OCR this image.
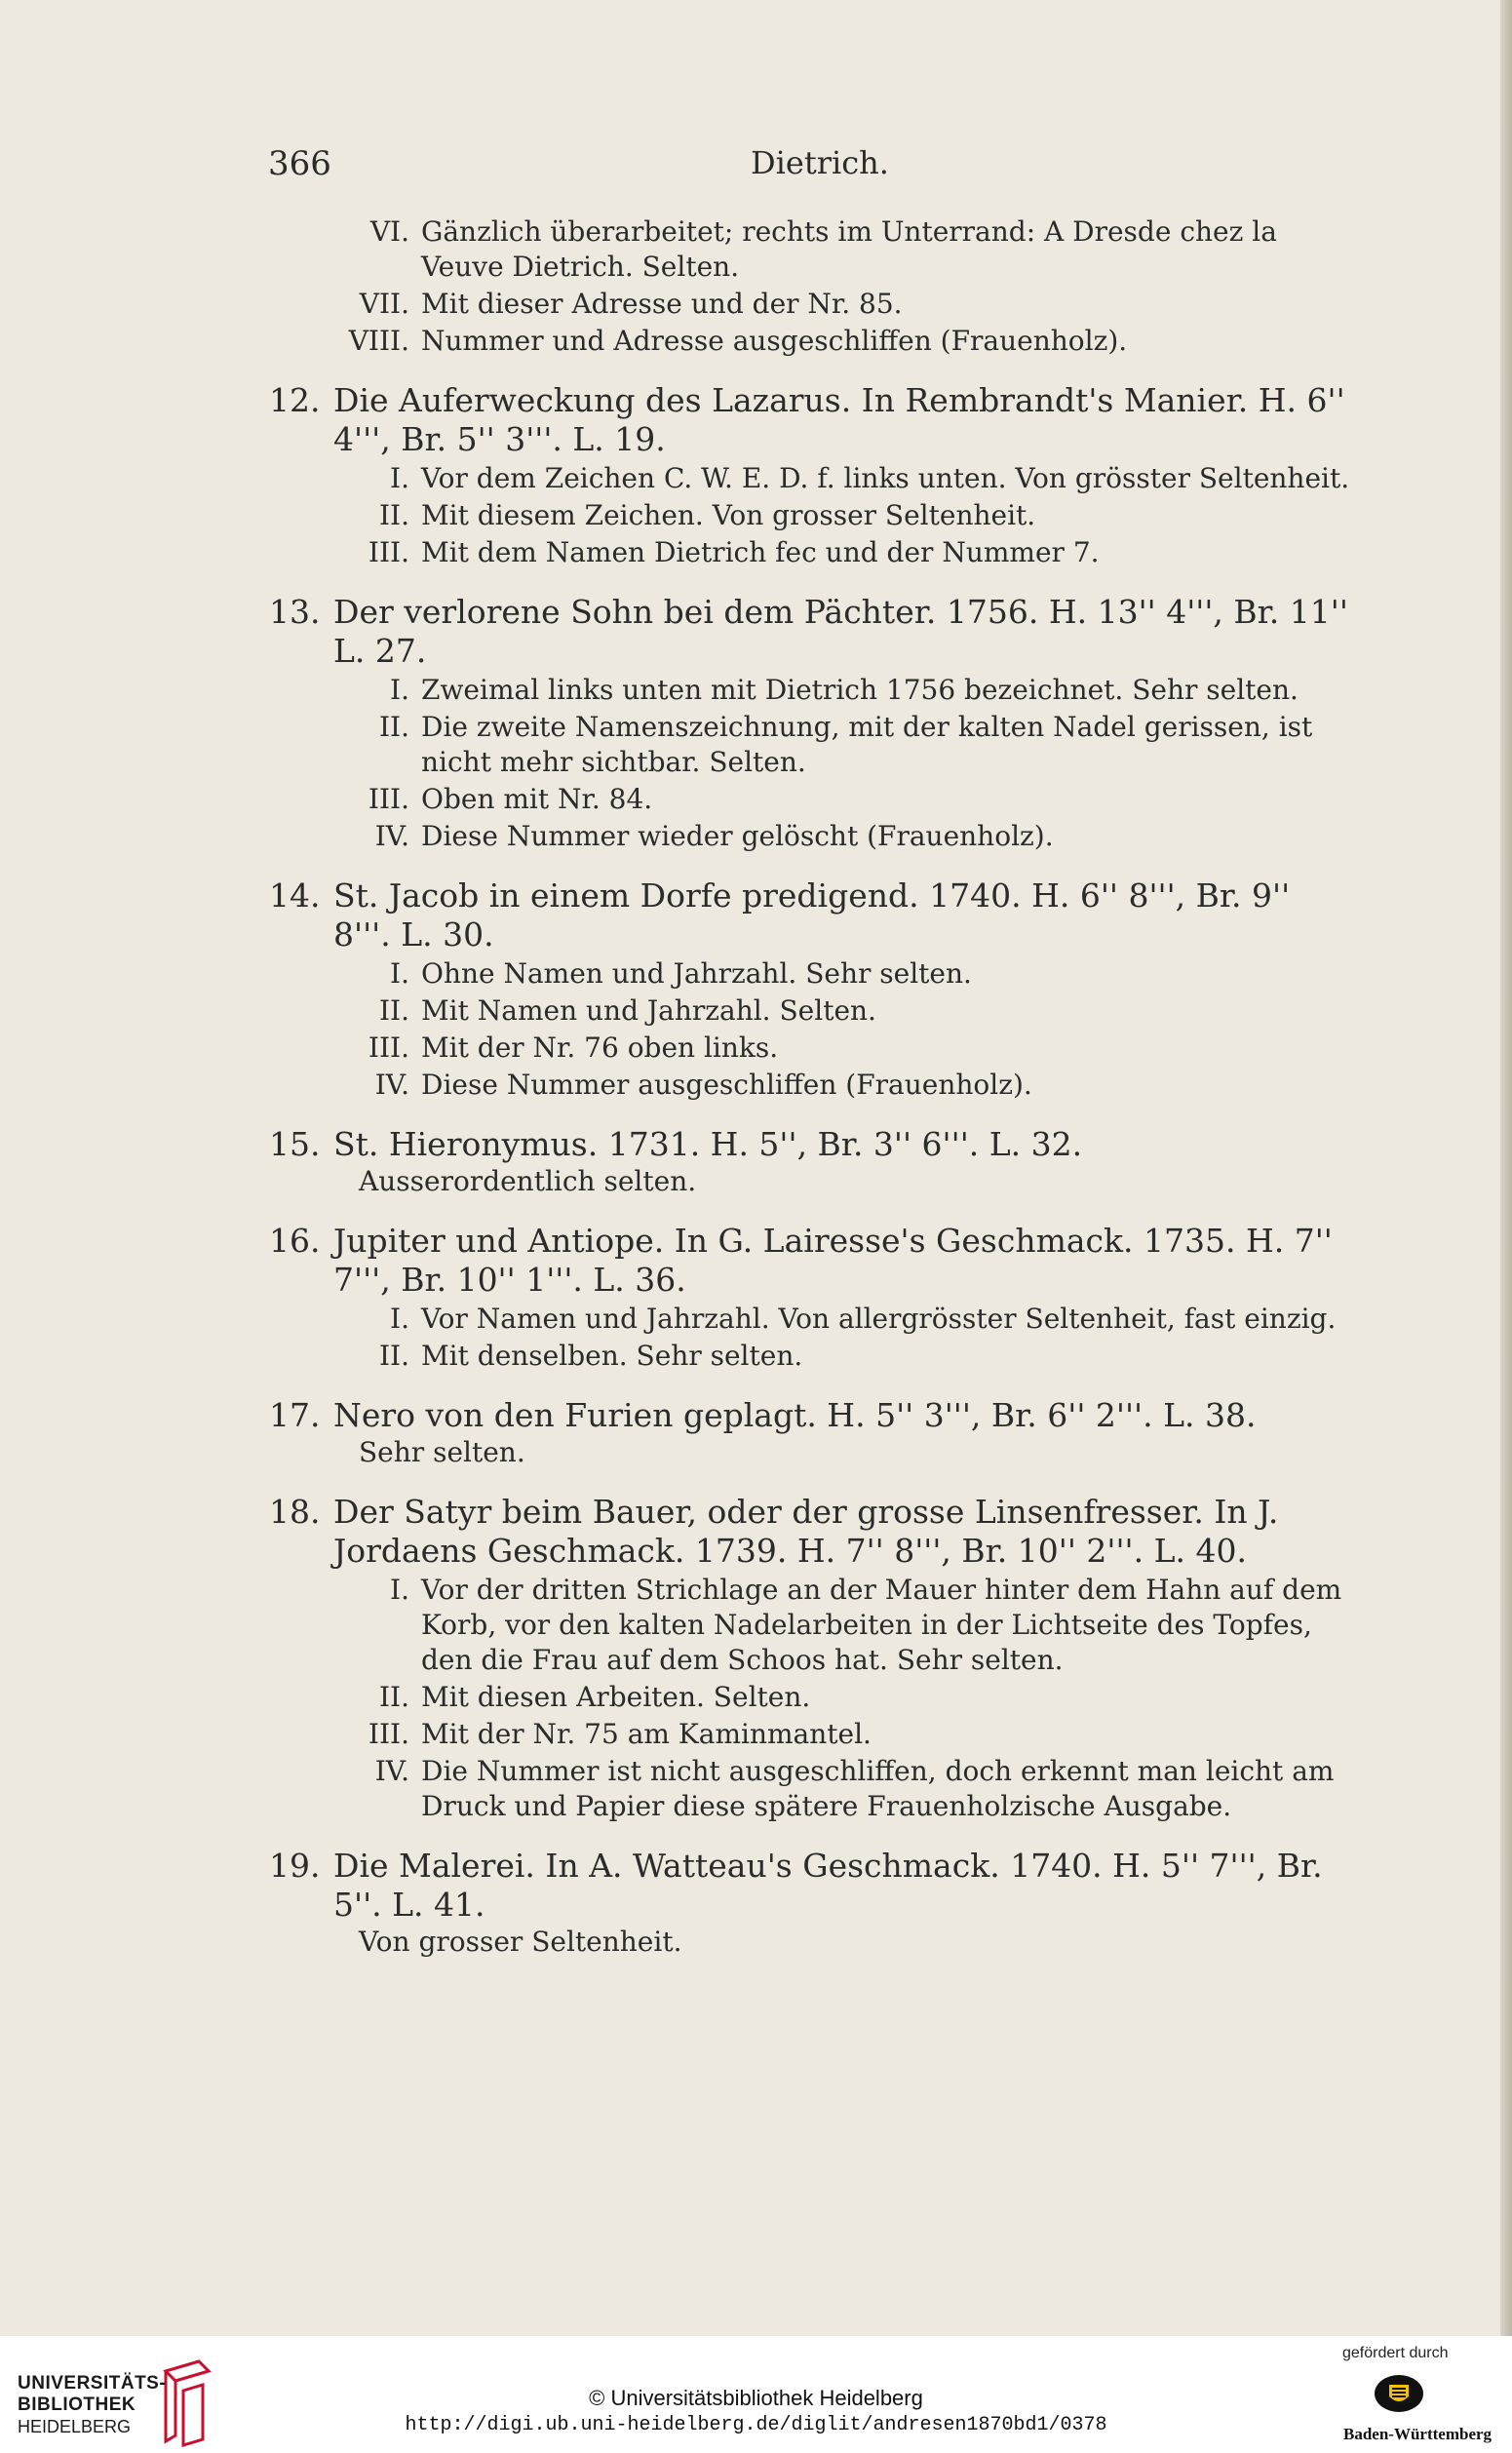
366	Dietrich.
VI. Gänzlich überarbeitet; rechts im Unterrand: A Dresde chez la Veuve Dietrich. Selten.
VII. Mit dieser Adresse und der Nr. 85.
VIII. Nummer und Adresse ausgeschliffen (Frauenholz).
12. Die Auferweckung des Lazarus. In Rembrandt's Manier. H. 6'' 4''', Br. 5'' 3'''. L. 19.
I. Vor dem Zeichen C. W. E. D. f. links unten. Von grösster Seltenheit.
II. Mit diesem Zeichen. Von grosser Seltenheit.
III. Mit dem Namen Dietrich fec und der Nummer 7.
13. Der verlorene Sohn bei dem Pächter. 1756. H. 13'' 4''', Br. 11'' L. 27.
I. Zweimal links unten mit Dietrich 1756 bezeichnet. Sehr selten.
II. Die zweite Namenszeichnung, mit der kalten Nadel gerissen, ist nicht mehr sichtbar. Selten.
III. Oben mit Nr. 84.
IV. Diese Nummer wieder gelöscht (Frauenholz).
14. St. Jacob in einem Dorfe predigend. 1740. H. 6'' 8''', Br. 9'' 8'''. L. 30.
I. Ohne Namen und Jahrzahl. Sehr selten.
II. Mit Namen und Jahrzahl. Selten.
III. Mit der Nr. 76 oben links.
IV. Diese Nummer ausgeschliffen (Frauenholz).
15. St. Hieronymus. 1731. H. 5'', Br. 3'' 6'''. L. 32.
Ausserordentlich selten.
16. Jupiter und Antiope. In G. Lairesse's Geschmack. 1735. H. 7'' 7''', Br. 10'' 1'''. L. 36.
I. Vor Namen und Jahrzahl. Von allergrösster Seltenheit, fast einzig.
II. Mit denselben. Sehr selten.
17. Nero von den Furien geplagt. H. 5'' 3''', Br. 6'' 2'''. L. 38.
Sehr selten.
18. Der Satyr beim Bauer, oder der grosse Linsenfresser. In J. Jordaens Geschmack. 1739. H. 7'' 8''', Br. 10'' 2'''. L. 40.
I. Vor der dritten Strichlage an der Mauer hinter dem Hahn auf dem Korb, vor den kalten Nadelarbeiten in der Lichtseite des Topfes, den die Frau auf dem Schoos hat. Sehr selten.
II. Mit diesen Arbeiten. Selten.
III. Mit der Nr. 75 am Kaminmantel.
IV. Die Nummer ist nicht ausgeschliffen, doch erkennt man leicht am Druck und Papier diese spätere Frauenholzische Ausgabe.
19. Die Malerei. In A. Watteau's Geschmack. 1740. H. 5'' 7''', Br. 5''. L. 41.
Von grosser Seltenheit.
UNIVERSITÄTS-
BIBLIOTHEK
HEIDELBERG
© Universitätsbibliothek Heidelberg
http://digi.ub.uni-heidelberg.de/diglit/andresen1870bd1/0378
gefördert durch
Baden-Württemberg
